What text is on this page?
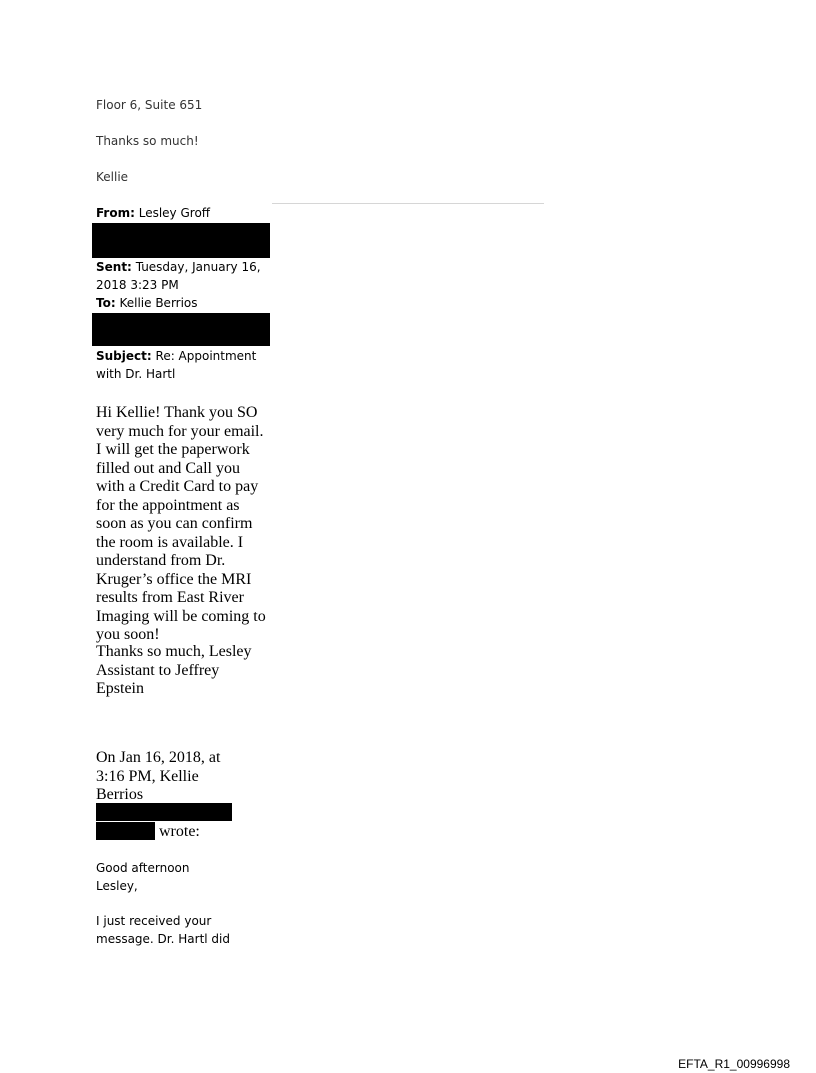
Floor 6, Suite 651
Thanks so much!
Kellie
From: Lesley Groff
Sent: Tuesday, January 16, 2018 3:23 PM
To: Kellie Berrios
Subject: Re: Appointment with Dr. Hartl
Hi Kellie! Thank you SO very much for your email. I will get the paperwork filled out and Call you with a Credit Card to pay for the appointment as soon as you can confirm the room is available. I understand from Dr. Kruger’s office the MRI results from East River Imaging will be coming to you soon!
Thanks so much, Lesley Assistant to Jeffrey Epstein
On Jan 16, 2018, at 3:16 PM, Kellie Berrios
wrote:
Good afternoon Lesley,
I just received your message. Dr. Hartl did
EFTA_R1_00996998
